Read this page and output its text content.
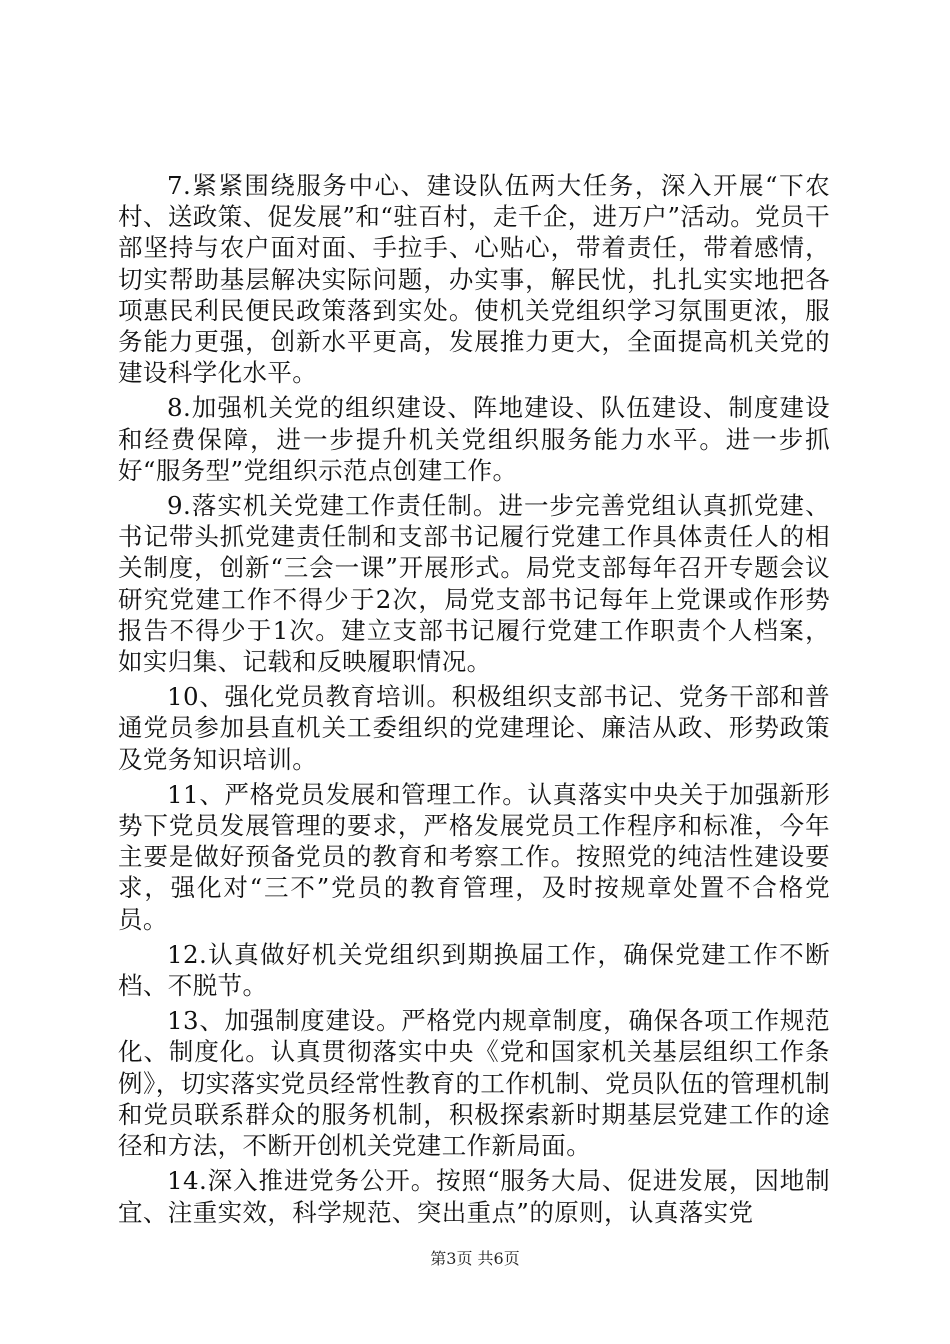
7.紧紧围绕服务中心、建设队伍两大任务，深入开展“下农村、送政策、促发展”和“驻百村，走千企，进万户”活动。党员干部坚持与农户面对面、手拉手、心贴心，带着责任，带着感情，切实帮助基层解决实际问题，办实事，解民忧，扎扎实实地把各项惠民利民便民政策落到实处。使机关党组织学习氛围更浓，服务能力更强，创新水平更高，发展推力更大，全面提高机关党的建设科学化水平。

8.加强机关党的组织建设、阵地建设、队伍建设、制度建设和经费保障，进一步提升机关党组织服务能力水平。进一步抓好“服务型”党组织示范点创建工作。

9.落实机关党建工作责任制。进一步完善党组认真抓党建、书记带头抓党建责任制和支部书记履行党建工作具体责任人的相关制度，创新“三会一课”开展形式。局党支部每年召开专题会议研究党建工作不得少于2次，局党支部书记每年上党课或作形势报告不得少于1次。建立支部书记履行党建工作职责个人档案，如实归集、记载和反映履职情况。

10、强化党员教育培训。积极组织支部书记、党务干部和普通党员参加县直机关工委组织的党建理论、廉洁从政、形势政策及党务知识培训。

11、严格党员发展和管理工作。认真落实中央关于加强新形势下党员发展管理的要求，严格发展党员工作程序和标准，今年主要是做好预备党员的教育和考察工作。按照党的纯洁性建设要求，强化对“三不”党员的教育管理，及时按规章处置不合格党员。

12.认真做好机关党组织到期换届工作，确保党建工作不断档、不脱节。

13、加强制度建设。严格党内规章制度，确保各项工作规范化、制度化。认真贯彻落实中央《党和国家机关基层组织工作条例》，切实落实党员经常性教育的工作机制、党员队伍的管理机制和党员联系群众的服务机制，积极探索新时期基层党建工作的途径和方法，不断开创机关党建工作新局面。

14.深入推进党务公开。按照“服务大局、促进发展，因地制宜、注重实效，科学规范、突出重点”的原则，认真落实党

第3页 共6页
